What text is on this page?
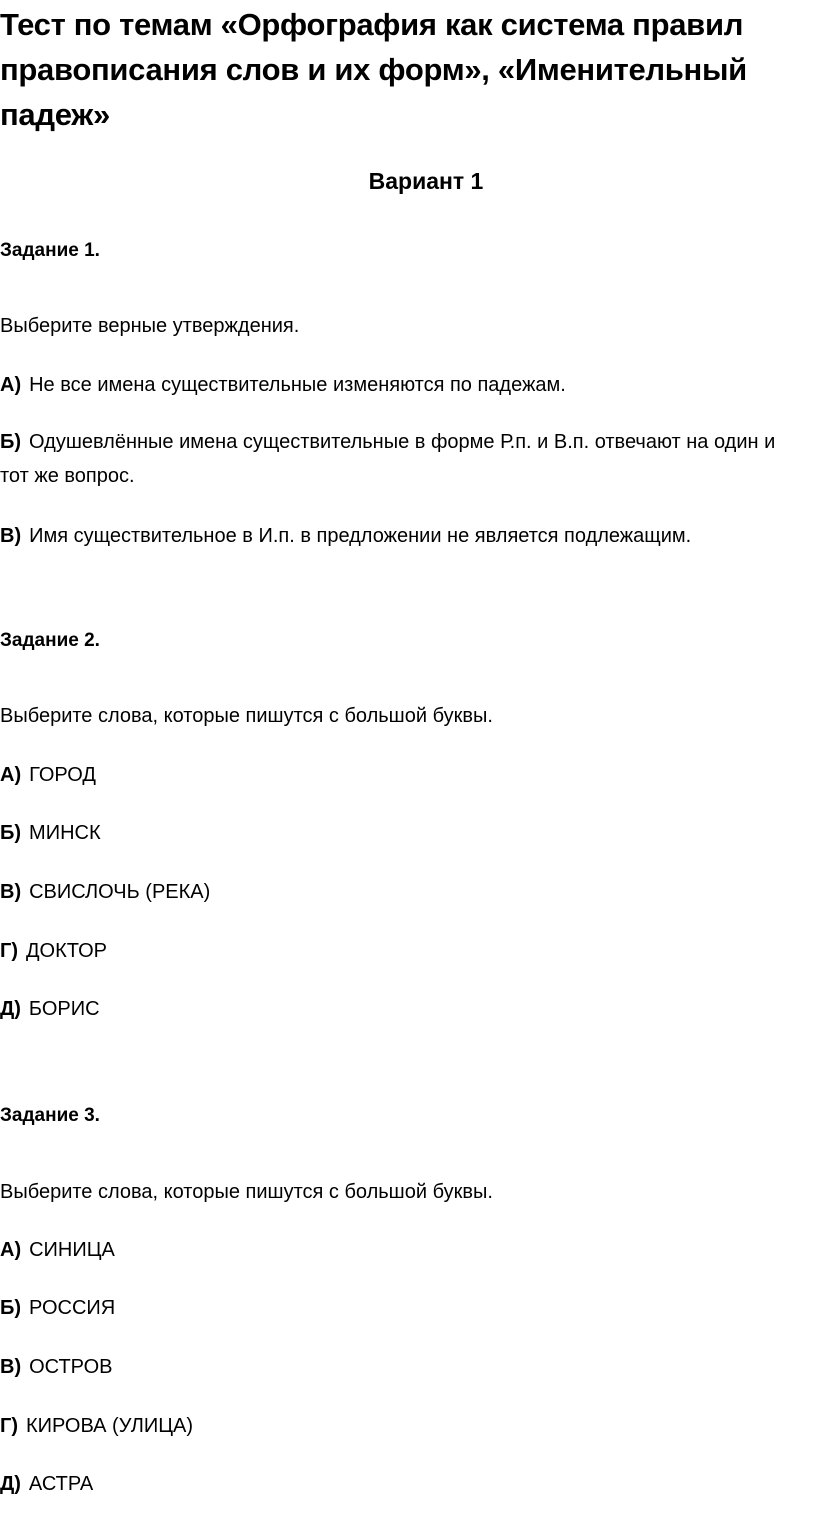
Тест по темам «Орфография как система правил правописания слов и их форм», «Именительный падеж»
Вариант 1
Задание 1.
Выберите верные утверждения.
А) Не все имена существительные изменяются по падежам.
Б) Одушевлённые имена существительные в форме Р.п. и В.п. отвечают на один и тот же вопрос.
В) Имя существительное в И.п. в предложении не является подлежащим.
Задание 2.
Выберите слова, которые пишутся с большой буквы.
А) ГОРОД
Б) МИНСК
В) СВИСЛОЧЬ (РЕКА)
Г) ДОКТОР
Д) БОРИС
Задание 3.
Выберите слова, которые пишутся с большой буквы.
А) СИНИЦА
Б) РОССИЯ
В) ОСТРОВ
Г) КИРОВА (УЛИЦА)
Д) АСТРА
